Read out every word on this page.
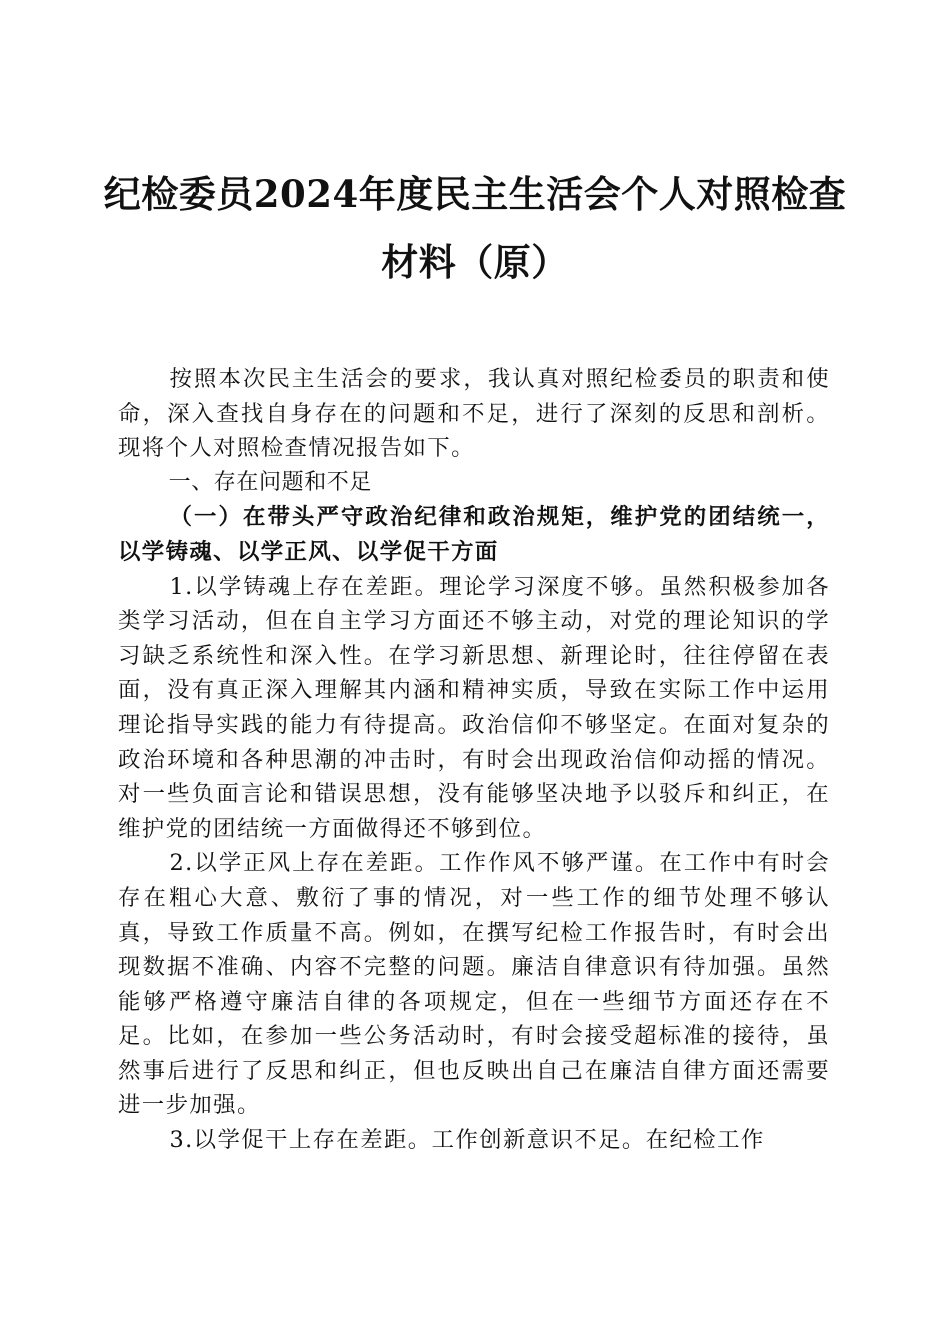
纪检委员2024年度民主生活会个人对照检查
材料（原）

按照本次民主生活会的要求，我认真对照纪检委员的职责和使命，深入查找自身存在的问题和不足，进行了深刻的反思和剖析。现将个人对照检查情况报告如下。

一、存在问题和不足

（一）在带头严守政治纪律和政治规矩，维护党的团结统一，以学铸魂、以学正风、以学促干方面

1.以学铸魂上存在差距。理论学习深度不够。虽然积极参加各类学习活动，但在自主学习方面还不够主动，对党的理论知识的学习缺乏系统性和深入性。在学习新思想、新理论时，往往停留在表面，没有真正深入理解其内涵和精神实质，导致在实际工作中运用理论指导实践的能力有待提高。政治信仰不够坚定。在面对复杂的政治环境和各种思潮的冲击时，有时会出现政治信仰动摇的情况。对一些负面言论和错误思想，没有能够坚决地予以驳斥和纠正，在维护党的团结统一方面做得还不够到位。

2.以学正风上存在差距。工作作风不够严谨。在工作中有时会存在粗心大意、敷衍了事的情况，对一些工作的细节处理不够认真，导致工作质量不高。例如，在撰写纪检工作报告时，有时会出现数据不准确、内容不完整的问题。廉洁自律意识有待加强。虽然能够严格遵守廉洁自律的各项规定，但在一些细节方面还存在不足。比如，在参加一些公务活动时，有时会接受超标准的接待，虽然事后进行了反思和纠正，但也反映出自己在廉洁自律方面还需要进一步加强。

3.以学促干上存在差距。工作创新意识不足。在纪检工作
